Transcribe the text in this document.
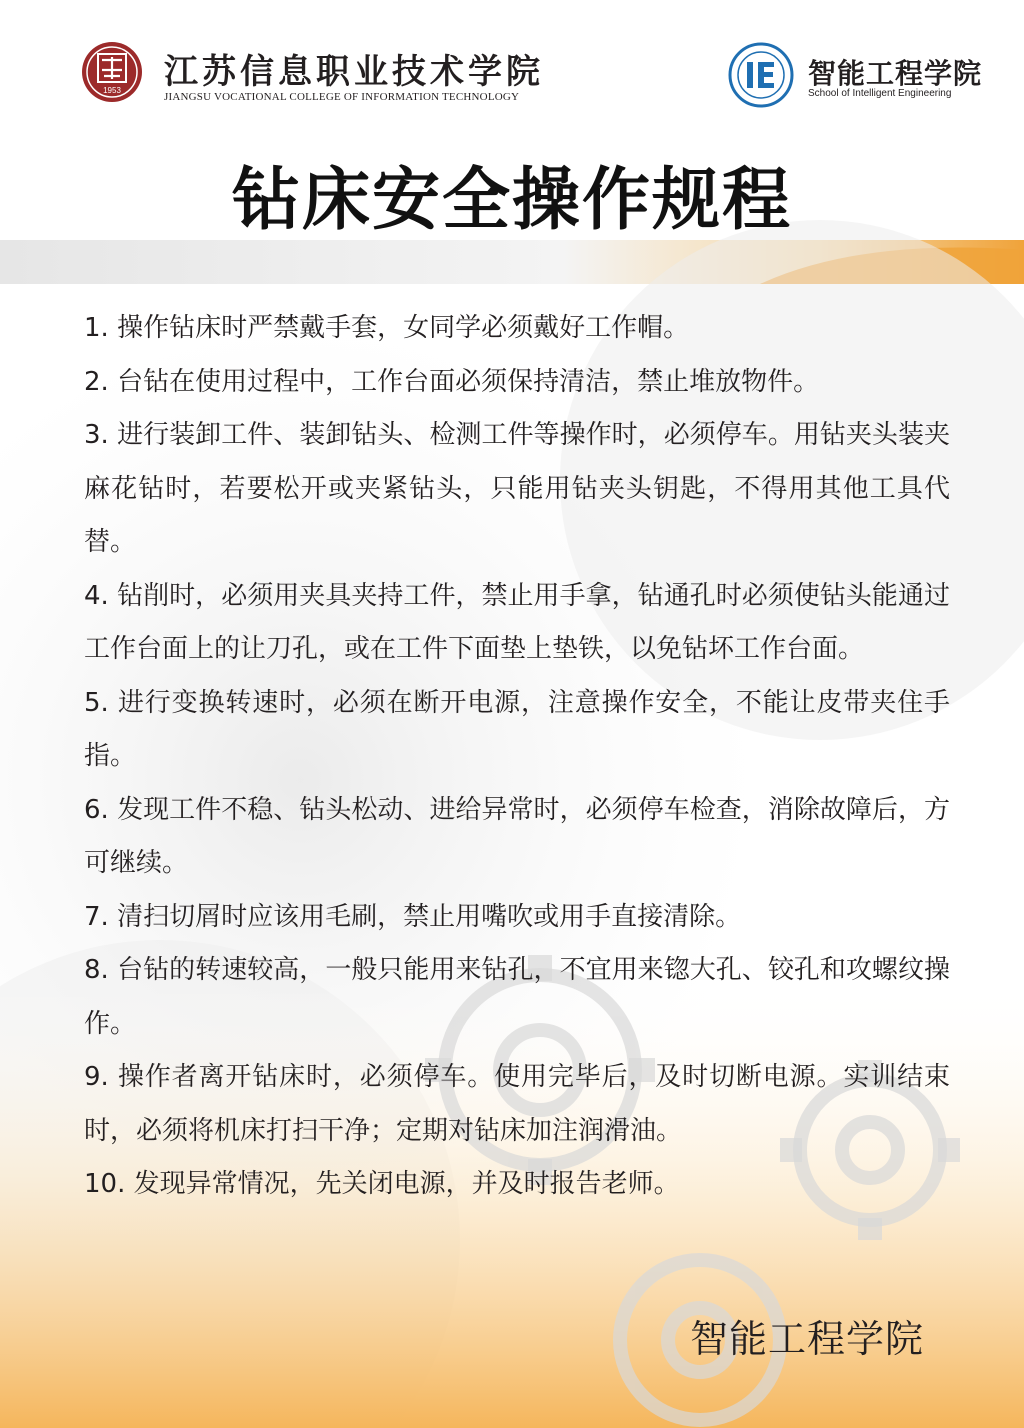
1953 江苏信息职业技术学院
JIANGSU VOCATIONAL COLLEGE OF INFORMATION TECHNOLOGY
智能工程学院
School of Intelligent Engineering
钻床安全操作规程
1. 操作钻床时严禁戴手套，女同学必须戴好工作帽。
2. 台钻在使用过程中，工作台面必须保持清洁，禁止堆放物件。
3. 进行装卸工件、装卸钻头、检测工件等操作时，必须停车。用钻夹头装夹麻花钻时，若要松开或夹紧钻头，只能用钻夹头钥匙，不得用其他工具代替。
4. 钻削时，必须用夹具夹持工件，禁止用手拿，钻通孔时必须使钻头能通过工作台面上的让刀孔，或在工件下面垫上垫铁，以免钻坏工作台面。
5. 进行变换转速时，必须在断开电源，注意操作安全，不能让皮带夹住手指。
6. 发现工件不稳、钻头松动、进给异常时，必须停车检查，消除故障后，方可继续。
7. 清扫切屑时应该用毛刷，禁止用嘴吹或用手直接清除。
8. 台钻的转速较高，一般只能用来钻孔，不宜用来锪大孔、铰孔和攻螺纹操作。
9. 操作者离开钻床时，必须停车。使用完毕后，及时切断电源。实训结束时，必须将机床打扫干净；定期对钻床加注润滑油。
10. 发现异常情况，先关闭电源，并及时报告老师。
智能工程学院
